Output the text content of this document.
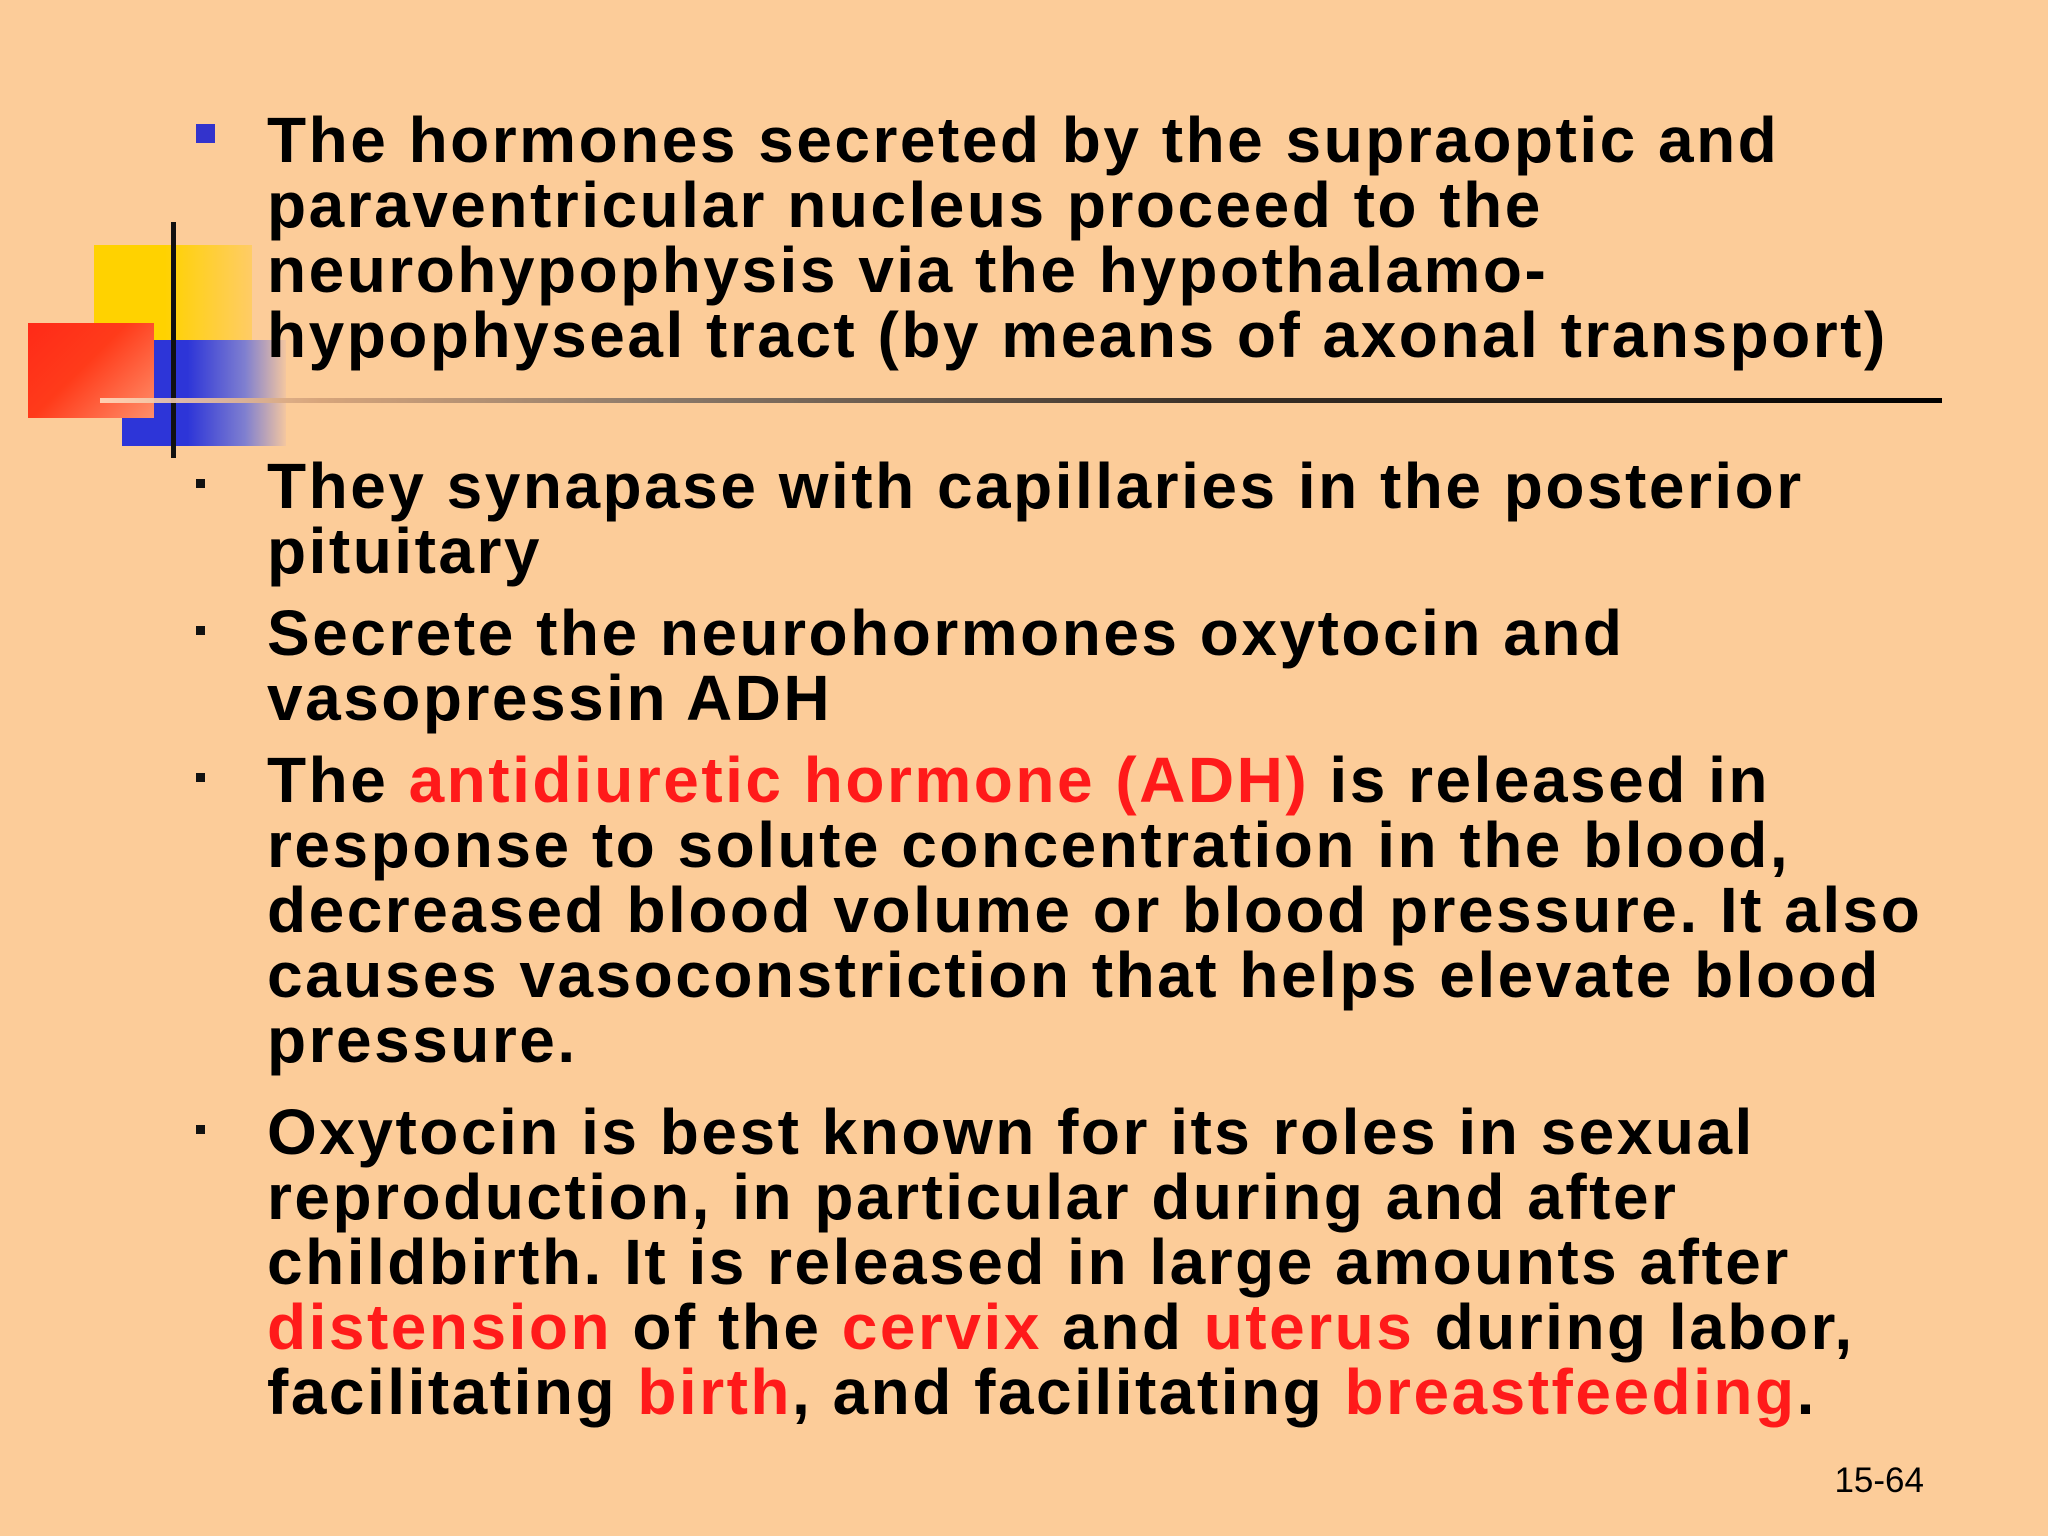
The hormones secreted by the supraoptic and paraventricular nucleus proceed to the neurohypophysis via the hypothalamo-hypophyseal tract (by means of axonal transport)

They synapase with capillaries in the posterior pituitary

Secrete the neurohormones oxytocin and vasopressin ADH

The antidiuretic hormone (ADH) is released in response to solute concentration in the blood, decreased blood volume or blood pressure. It also causes vasoconstriction that helps elevate blood pressure.

Oxytocin is best known for its roles in sexual reproduction, in particular during and after childbirth. It is released in large amounts after distension of the cervix and uterus during labor, facilitating birth, and facilitating breastfeeding.

15-64
